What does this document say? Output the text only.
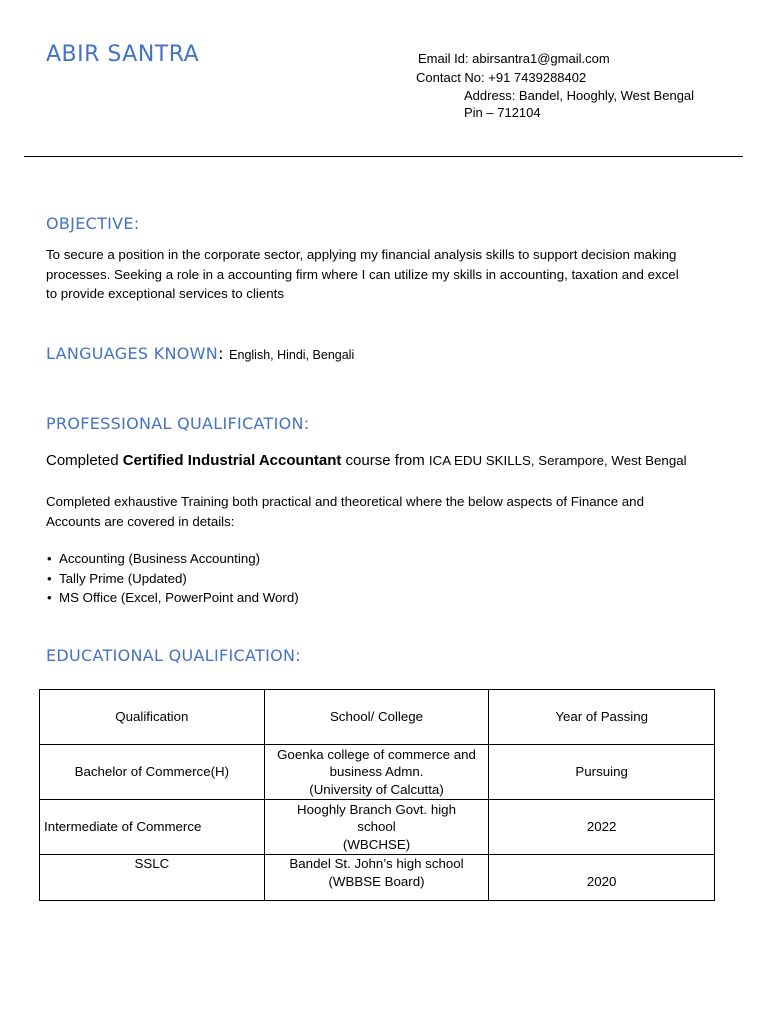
ABIR SANTRA	Email Id: abirsantra1@gmail.com
Contact No: +91 7439288402
Address: Bandel, Hooghly, West Bengal
Pin – 712104
OBJECTIVE:
To secure a position in the corporate sector, applying my financial analysis skills to support decision making
processes. Seeking a role in a accounting firm where I can utilize my skills in accounting, taxation and excel
to provide exceptional services to clients
LANGUAGES KNOWN: English, Hindi, Bengali
PROFESSIONAL QUALIFICATION:
Completed Certified Industrial Accountant course from ICA EDU SKILLS, Serampore, West Bengal
Completed exhaustive Training both practical and theoretical where the below aspects of Finance and
Accounts are covered in details:
• Accounting (Business Accounting)
• Tally Prime (Updated)
• MS Office (Excel, PowerPoint and Word)
EDUCATIONAL QUALIFICATION:
Qualification	School/ College	Year of Passing
Bachelor of Commerce(H)	Goenka college of commerce and
business Admn.
(University of Calcutta)	Pursuing
Intermediate of Commerce	Hooghly Branch Govt. high
school
(WBCHSE)	2022
SSLC	Bandel St. John’s high school
(WBBSE Board)	2020
